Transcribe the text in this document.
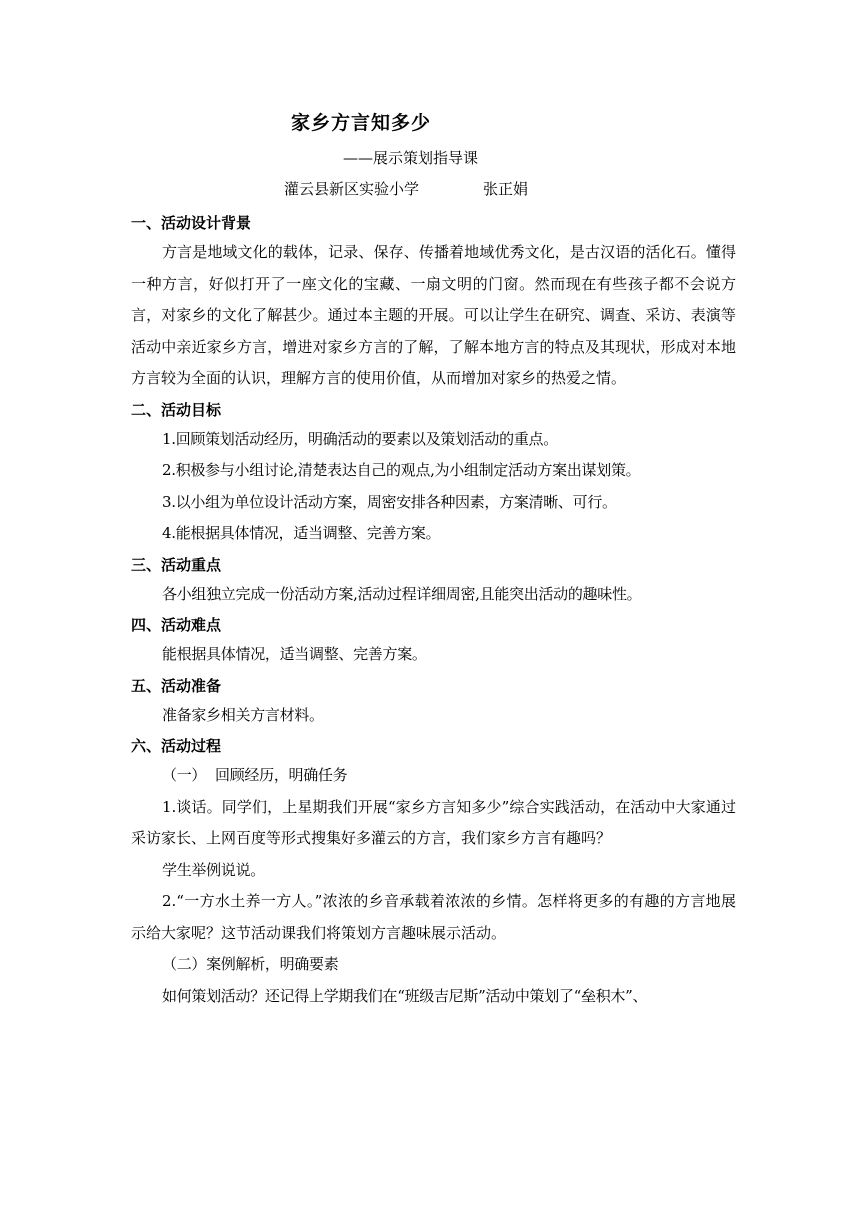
家乡方言知多少
——展示策划指导课
灌云县新区实验小学	张正娟
一、活动设计背景
方言是地域文化的载体，记录、保存、传播着地域优秀文化，是古汉语的活化石。懂得一种方言，好似打开了一座文化的宝藏、一扇文明的门窗。然而现在有些孩子都不会说方言，对家乡的文化了解甚少。通过本主题的开展。可以让学生在研究、调查、采访、表演等活动中亲近家乡方言，增进对家乡方言的了解，了解本地方言的特点及其现状，形成对本地方言较为全面的认识，理解方言的使用价值，从而增加对家乡的热爱之情。
二、活动目标
1.回顾策划活动经历，明确活动的要素以及策划活动的重点。
2.积极参与小组讨论,清楚表达自己的观点,为小组制定活动方案出谋划策。
3.以小组为单位设计活动方案，周密安排各种因素，方案清晰、可行。
4.能根据具体情况，适当调整、完善方案。
三、活动重点
各小组独立完成一份活动方案,活动过程详细周密,且能突出活动的趣味性。
四、活动难点
能根据具体情况，适当调整、完善方案。
五、活动准备
准备家乡相关方言材料。
六、活动过程
（一）  回顾经历，明确任务
1.谈话。同学们，上星期我们开展“家乡方言知多少”综合实践活动，在活动中大家通过采访家长、上网百度等形式搜集好多灌云的方言，我们家乡方言有趣吗？
学生举例说说。
2.“一方水土养一方人。”浓浓的乡音承载着浓浓的乡情。怎样将更多的有趣的方言地展示给大家呢？这节活动课我们将策划方言趣味展示活动。
（二）案例解析，明确要素
如何策划活动？还记得上学期我们在“班级吉尼斯”活动中策划了“垒积木”、
